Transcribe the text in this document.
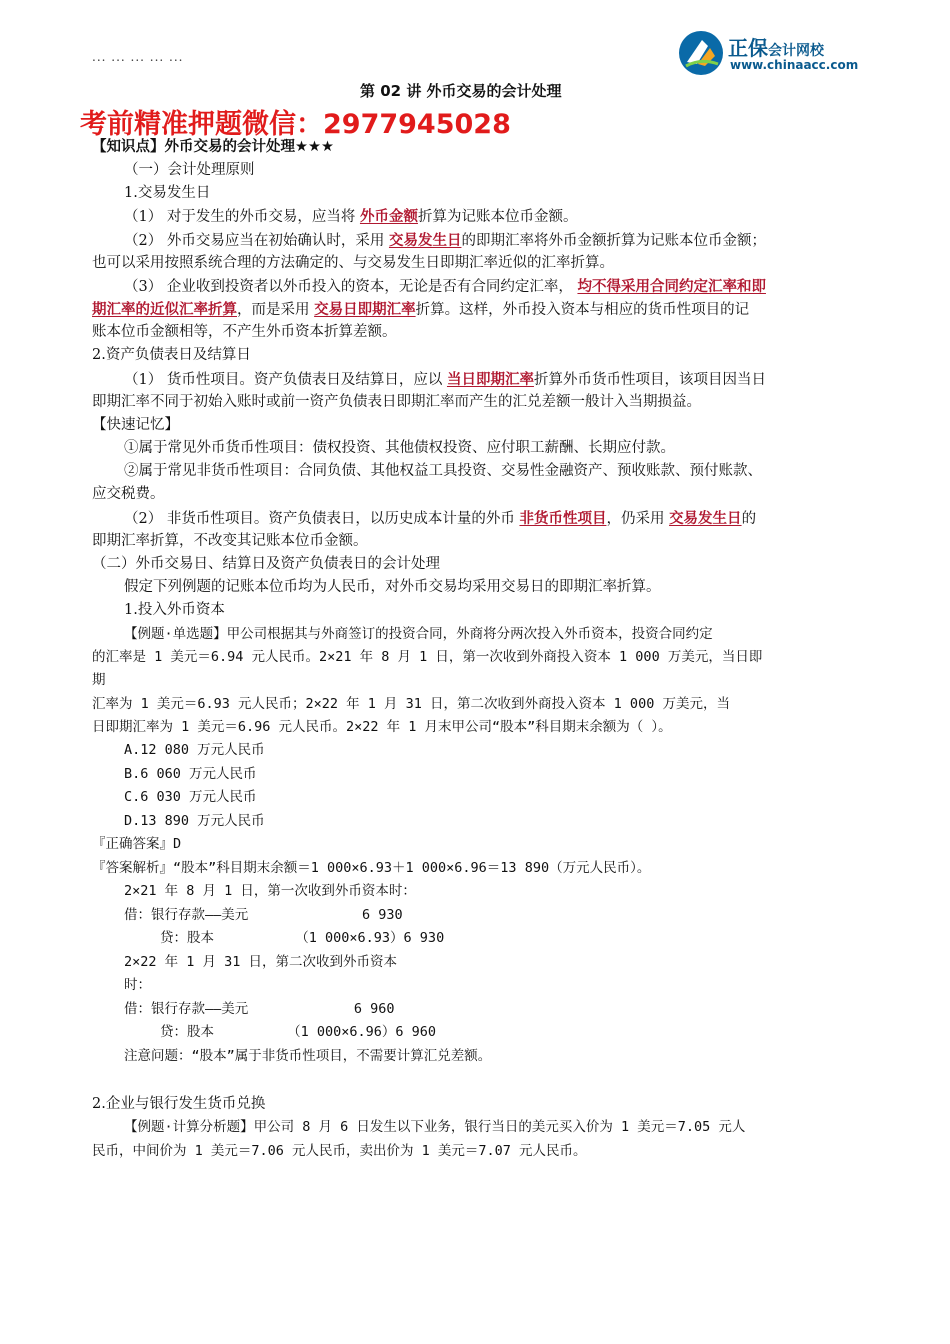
... ... ... ... ...	正保会计网校
www.chinaacc.com
第 02 讲 外币交易的会计处理
考前精准押题微信：2977945028
【知识点】外币交易的会计处理★★★
（一）会计处理原则
1.交易发生日
（1） 对于发生的外币交易，应当将 外币金额折算为记账本位币金额。
（2） 外币交易应当在初始确认时，采用 交易发生日的即期汇率将外币金额折算为记账本位币金额；
也可以采用按照系统合理的方法确定的、与交易发生日即期汇率近似的汇率折算。
（3） 企业收到投资者以外币投入的资本，无论是否有合同约定汇率， 均不得采用合同约定汇率和即
期汇率的近似汇率折算，而是采用 交易日即期汇率折算。这样，外币投入资本与相应的货币性项目的记
账本位币金额相等，不产生外币资本折算差额。
2.资产负债表日及结算日
（1） 货币性项目。资产负债表日及结算日，应以 当日即期汇率折算外币货币性项目，该项目因当日
即期汇率不同于初始入账时或前一资产负债表日即期汇率而产生的汇兑差额一般计入当期损益。
【快速记忆】
①属于常见外币货币性项目：债权投资、其他债权投资、应付职工薪酬、长期应付款。
②属于常见非货币性项目：合同负债、其他权益工具投资、交易性金融资产、预收账款、预付账款、
应交税费。
（2） 非货币性项目。资产负债表日，以历史成本计量的外币 非货币性项目，仍采用 交易发生日的
即期汇率折算，不改变其记账本位币金额。
（二）外币交易日、结算日及资产负债表日的会计处理
假定下列例题的记账本位币均为人民币，对外币交易均采用交易日的即期汇率折算。
1.投入外币资本
【例题·单选题】甲公司根据其与外商签订的投资合同，外商将分两次投入外币资本，投资合同约定
的汇率是 1 美元＝6.94 元人民币。2×21 年 8 月 1 日，第一次收到外商投入资本 1 000 万美元，当日即
期
汇率为 1 美元＝6.93 元人民币；2×22 年 1 月 31 日，第二次收到外商投入资本 1 000 万美元，当
日即期汇率为 1 美元＝6.96 元人民币。2×22 年 1 月末甲公司“股本”科目期末余额为（ ）。
A.12 080 万元人民币
B.6 060 万元人民币
C.6 030 万元人民币
D.13 890 万元人民币
『正确答案』D
『答案解析』“股本”科目期末余额＝1 000×6.93＋1 000×6.96＝13 890（万元人民币）。
2×21 年 8 月 1 日，第一次收到外币资本时：
借：银行存款——美元              6 930
贷：股本          （1 000×6.93）6 930
2×22 年 1 月 31 日，第二次收到外币资本
时：
借：银行存款——美元             6 960
贷：股本         （1 000×6.96）6 960
注意问题：“股本”属于非货币性项目，不需要计算汇兑差额。
2.企业与银行发生货币兑换
【例题·计算分析题】甲公司 8 月 6 日发生以下业务，银行当日的美元买入价为 1 美元＝7.05 元人
民币，中间价为 1 美元＝7.06 元人民币，卖出价为 1 美元＝7.07 元人民币。
